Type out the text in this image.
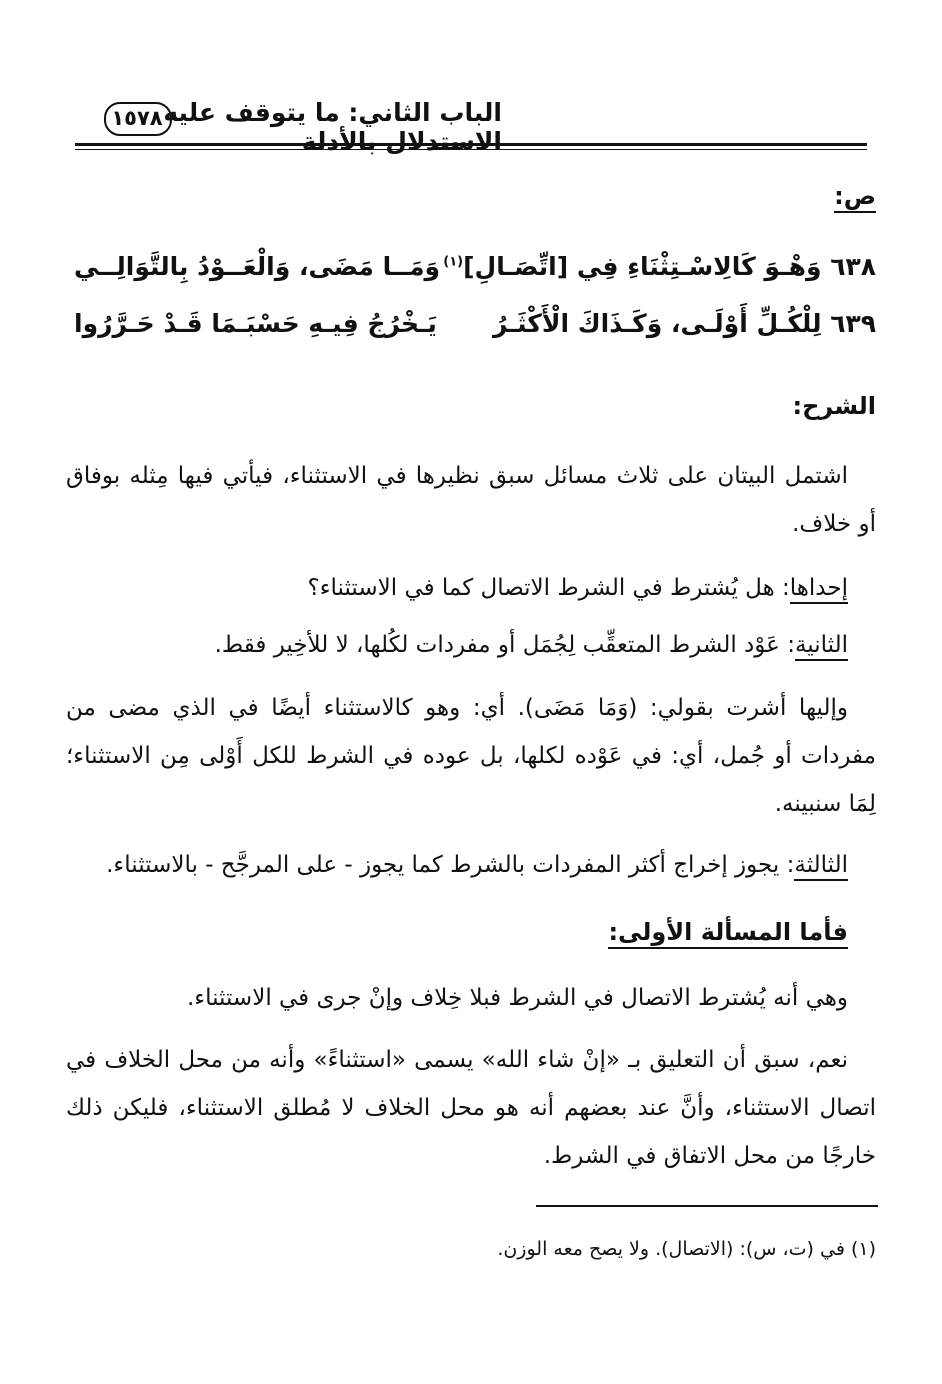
الباب الثاني: ما يتوقف عليه الاستدلال بالأدلة
١٥٧٨
ص:
٦٣٨ وَهْـوَ كَالِاسْـتِثْنَاءِ فِي [اتِّصَـالِ]$^{(١)}$
وَمَــا مَضَى، وَالْعَــوْدُ بِالتَّوَالِــي
٦٣٩ لِلْكُـلِّ أَوْلَـى، وَكَـذَاكَ الْأَكْثَـرُ
يَـخْرُجُ فِيـهِ حَسْبَـمَا قَـدْ حَـرَّرُوا
الشرح:
اشتمل البيتان على ثلاث مسائل سبق نظيرها في الاستثناء، فيأتي فيها مِثله بوفاق أو خلاف.
إحداها: هل يُشترط في الشرط الاتصال كما في الاستثناء؟
الثانية: عَوْد الشرط المتعقِّب لِجُمَل أو مفردات لكُلها، لا للأخِير فقط.
وإليها أشرت بقولي: (وَمَا مَضَى). أي: وهو كالاستثناء أيضًا في الذي مضى من مفردات أو جُمل، أي: في عَوْده لكلها، بل عوده في الشرط للكل أَوْلى مِن الاستثناء؛ لِمَا سنبينه.
الثالثة: يجوز إخراج أكثر المفردات بالشرط كما يجوز - على المرجَّح - بالاستثناء.
فأما المسألة الأولى:
وهي أنه يُشترط الاتصال في الشرط فبلا خِلاف وإنْ جرى في الاستثناء.
نعم، سبق أن التعليق بـ «إنْ شاء الله» يسمى «استثناءً» وأنه من محل الخلاف في اتصال الاستثناء، وأنَّ عند بعضهم أنه هو محل الخلاف لا مُطلق الاستثناء، فليكن ذلك خارجًا من محل الاتفاق في الشرط.
(١) في (ت، س): (الاتصال). ولا يصح معه الوزن.
